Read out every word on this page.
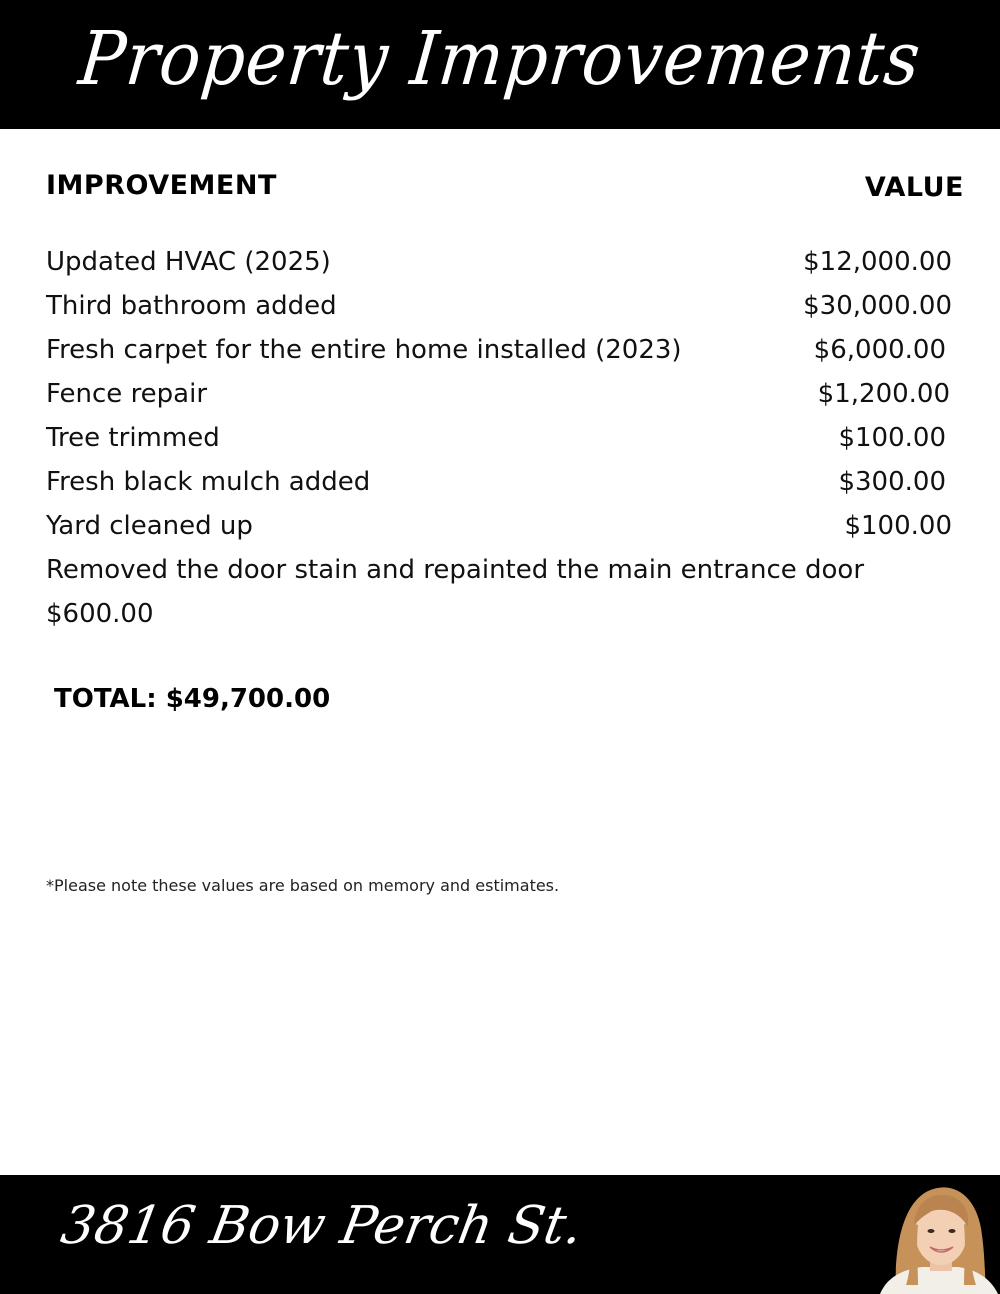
Property Improvements
IMPROVEMENT	VALUE
Updated HVAC (2025)	$12,000.00
Third bathroom added	$30,000.00
Fresh carpet for the entire home installed (2023)	$6,000.00
Fence repair	$1,200.00
Tree trimmed	$100.00
Fresh black mulch added	$300.00
Yard cleaned up	$100.00
Removed the door stain and repainted the main entrance door
$600.00
TOTAL: $49,700.00
*Please note these values are based on memory and estimates.
3816 Bow Perch St.
